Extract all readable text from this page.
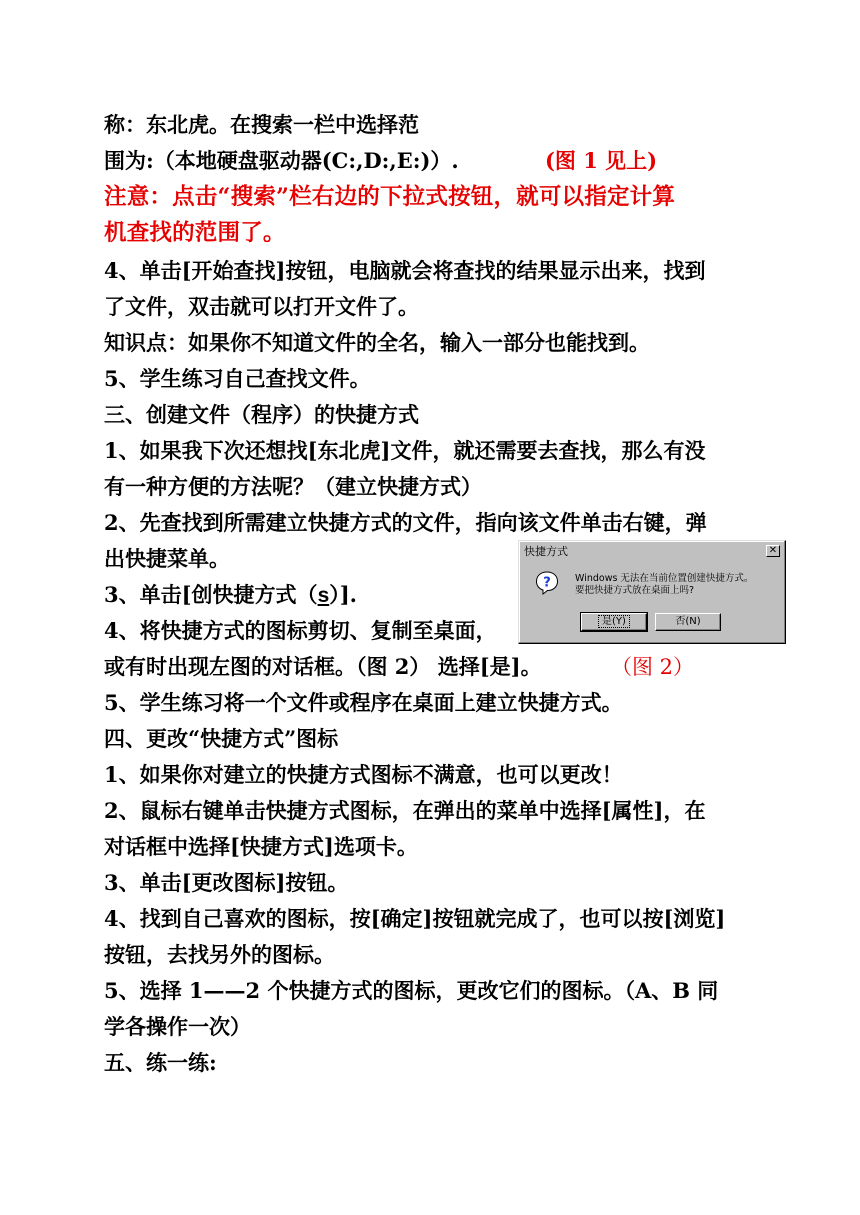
称：东北虎。在搜索一栏中选择范
围为:（本地硬盘驱动器(C:,D:,E:)）.	(图 1 见上)
注意：点击“搜索”栏右边的下拉式按钮，就可以指定计算
机查找的范围了。
4、单击[开始查找]按钮，电脑就会将查找的结果显示出来，找到
了文件，双击就可以打开文件了。
知识点：如果你不知道文件的全名，输入一部分也能找到。
5、学生练习自己查找文件。
三、创建文件（程序）的快捷方式
1、如果我下次还想找[东北虎]文件，就还需要去查找，那么有没
有一种方便的方法呢？（建立快捷方式）
2、先查找到所需建立快捷方式的文件，指向该文件单击右键，弹
出快捷菜单。
3、单击[创快捷方式（s）].
4、将快捷方式的图标剪切、复制至桌面，
或有时出现左图的对话框。（图 2） 选择[是]。	（图 2）
5、学生练习将一个文件或程序在桌面上建立快捷方式。
四、更改“快捷方式”图标
1、如果你对建立的快捷方式图标不满意，也可以更改！
2、鼠标右键单击快捷方式图标，在弹出的菜单中选择[属性]，在
对话框中选择[快捷方式]选项卡。
3、单击[更改图标]按钮。
4、找到自己喜欢的图标，按[确定]按钮就完成了，也可以按[浏览]
按钮，去找另外的图标。
5、选择 1——2 个快捷方式的图标，更改它们的图标。（A、B 同
学各操作一次）
五、练一练:
快捷方式	✕
?	Windows 无法在当前位置创建快捷方式。
要把快捷方式放在桌面上吗?
是(Y)	否(N)
